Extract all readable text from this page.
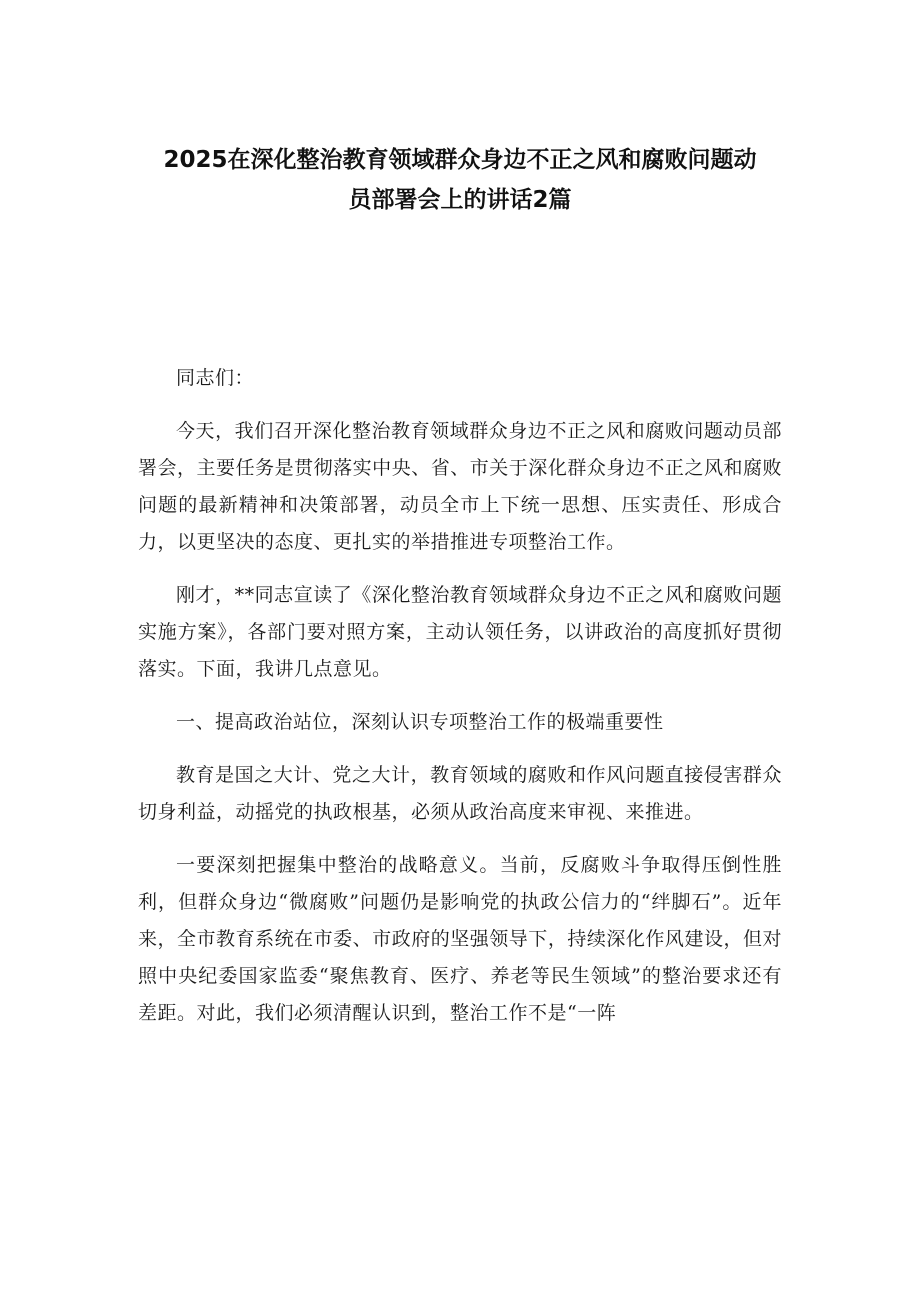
2025在深化整治教育领域群众身边不正之风和腐败问题动
员部署会上的讲话2篇

同志们：

今天，我们召开深化整治教育领域群众身边不正之风和腐败问题动员部署会，主要任务是贯彻落实中央、省、市关于深化群众身边不正之风和腐败问题的最新精神和决策部署，动员全市上下统一思想、压实责任、形成合力，以更坚决的态度、更扎实的举措推进专项整治工作。

刚才，**同志宣读了《深化整治教育领域群众身边不正之风和腐败问题实施方案》，各部门要对照方案，主动认领任务，以讲政治的高度抓好贯彻落实。下面，我讲几点意见。

一、提高政治站位，深刻认识专项整治工作的极端重要性

教育是国之大计、党之大计，教育领域的腐败和作风问题直接侵害群众切身利益，动摇党的执政根基，必须从政治高度来审视、来推进。

一要深刻把握集中整治的战略意义。当前，反腐败斗争取得压倒性胜利，但群众身边“微腐败”问题仍是影响党的执政公信力的“绊脚石”。近年来，全市教育系统在市委、市政府的坚强领导下，持续深化作风建设，但对照中央纪委国家监委“聚焦教育、医疗、养老等民生领域”的整治要求还有差距。对此，我们必须清醒认识到，整治工作不是“一阵
